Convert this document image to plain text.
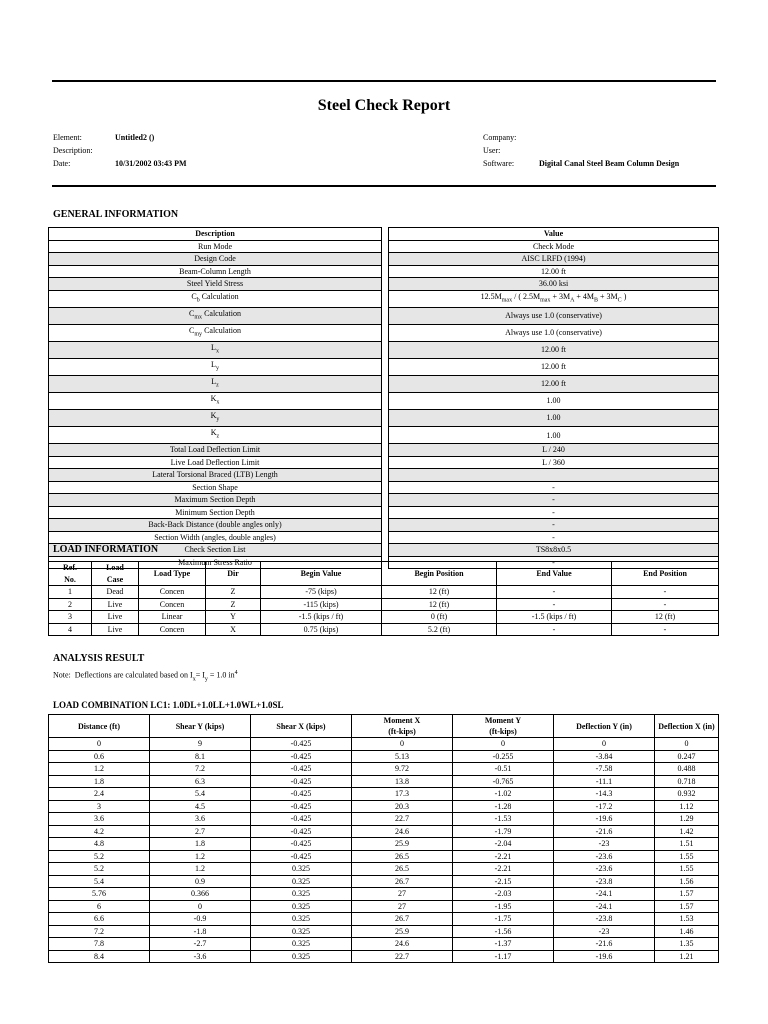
Steel Check Report
Element:	Untitled2 ()
Description:
Date:	10/31/2002 03:43 PM
Company:
User:
Software:	Digital Canal Steel Beam Column Design
GENERAL INFORMATION
Description		Value
Run Mode		Check Mode
Design Code		AISC LRFD (1994)
Beam-Column Length		12.00 ft
Steel Yield Stress		36.00 ksi
$C_b$ Calculation		$12.5M_{max}$ / ( $2.5M_{max} + 3M_A + 4M_B + 3M_C$ )
$C_{mx}$ Calculation		Always use 1.0 (conservative)
$C_{my}$ Calculation		Always use 1.0 (conservative)
$L_x$		12.00 ft
$L_y$		12.00 ft
$L_z$		12.00 ft
$K_x$		1.00
$K_y$		1.00
$K_z$		1.00
Total Load Deflection Limit		L / 240
Live Load Deflection Limit		L / 360
Lateral Torsional Braced (LTB) Length		
Section Shape		-
Maximum Section Depth		-
Minimum Section Depth		-
Back-Back Distance (double angles only)		-
Section Width (angles, double angles)		-
Check Section List		TS8x8x0.5
Maximum Stress Ratio		-
LOAD INFORMATION
Ref.
No.	Load
Case	Load Type	Dir	Begin Value	Begin Position	End Value	End Position
1	Dead	Concen	Z	-75 (kips)	12 (ft)	-	-
2	Live	Concen	Z	-115 (kips)	12 (ft)	-	-
3	Live	Linear	Y	-1.5 (kips / ft)	0 (ft)	-1.5 (kips / ft)	12 (ft)
4	Live	Concen	X	0.75 (kips)	5.2 (ft)	-	-
ANALYSIS RESULT
Note:  Deflections are calculated based on $I_x= I_y = 1.0$ $in^4$
LOAD COMBINATION LC1: 1.0DL+1.0LL+1.0WL+1.0SL
Distance (ft)	Shear Y (kips)	Shear X (kips)	Moment X
(ft-kips)	Moment Y
(ft-kips)	Deflection Y (in)	Deflection X (in)
0	9	-0.425	0	0	0	0
0.6	8.1	-0.425	5.13	-0.255	-3.84	0.247
1.2	7.2	-0.425	9.72	-0.51	-7.58	0.488
1.8	6.3	-0.425	13.8	-0.765	-11.1	0.718
2.4	5.4	-0.425	17.3	-1.02	-14.3	0.932
3	4.5	-0.425	20.3	-1.28	-17.2	1.12
3.6	3.6	-0.425	22.7	-1.53	-19.6	1.29
4.2	2.7	-0.425	24.6	-1.79	-21.6	1.42
4.8	1.8	-0.425	25.9	-2.04	-23	1.51
5.2	1.2	-0.425	26.5	-2.21	-23.6	1.55
5.2	1.2	0.325	26.5	-2.21	-23.6	1.55
5.4	0.9	0.325	26.7	-2.15	-23.8	1.56
5.76	0.366	0.325	27	-2.03	-24.1	1.57
6	0	0.325	27	-1.95	-24.1	1.57
6.6	-0.9	0.325	26.7	-1.75	-23.8	1.53
7.2	-1.8	0.325	25.9	-1.56	-23	1.46
7.8	-2.7	0.325	24.6	-1.37	-21.6	1.35
8.4	-3.6	0.325	22.7	-1.17	-19.6	1.21
